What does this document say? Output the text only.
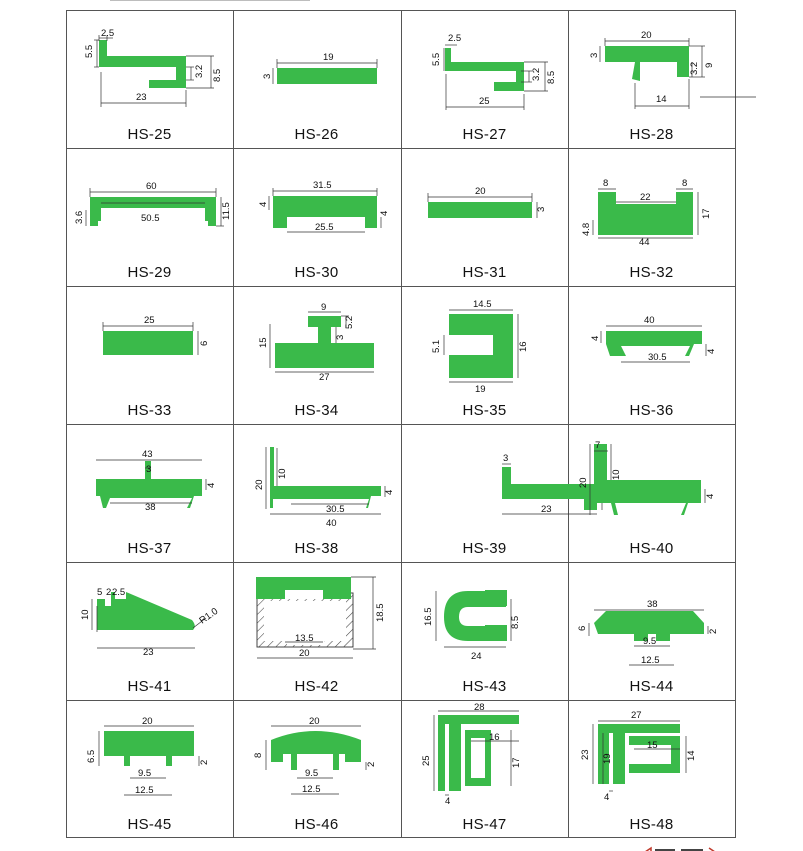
2.5
5.5
3.2 8.5
23
HS-25
19
3
HS-26
2.5
5.5
3.2 8.5
25
HS-27
20
3
3.2 9
14
HS-28
60
3.6	50.5	11.5
HS-29
31.5
4
4
25.5
HS-30
20
3
HS-31
8	8
22
17
4.8
44
HS-32
25
6
HS-33
9
5.2
3
15
27
HS-34
14.5
5.1	16
19
HS-35
40
4
4
30.5
HS-36
43
3
4
38
HS-37
20
10
4
30.5
40
HS-38
3
23
HS-39
7
10
20
4
HS-40
5 2 2.5
10	R1.0
23
HS-41
18.5
13.5
20
HS-42
16.5	8.5
24
HS-43
38
6
2
9.5
12.5
HS-44
20
6.5	2
9.5
12.5
HS-45
20
8
2
9.5
12.5
HS-46
28
16
25	17
4
HS-47
27
15
23 19	14
4
HS-48
